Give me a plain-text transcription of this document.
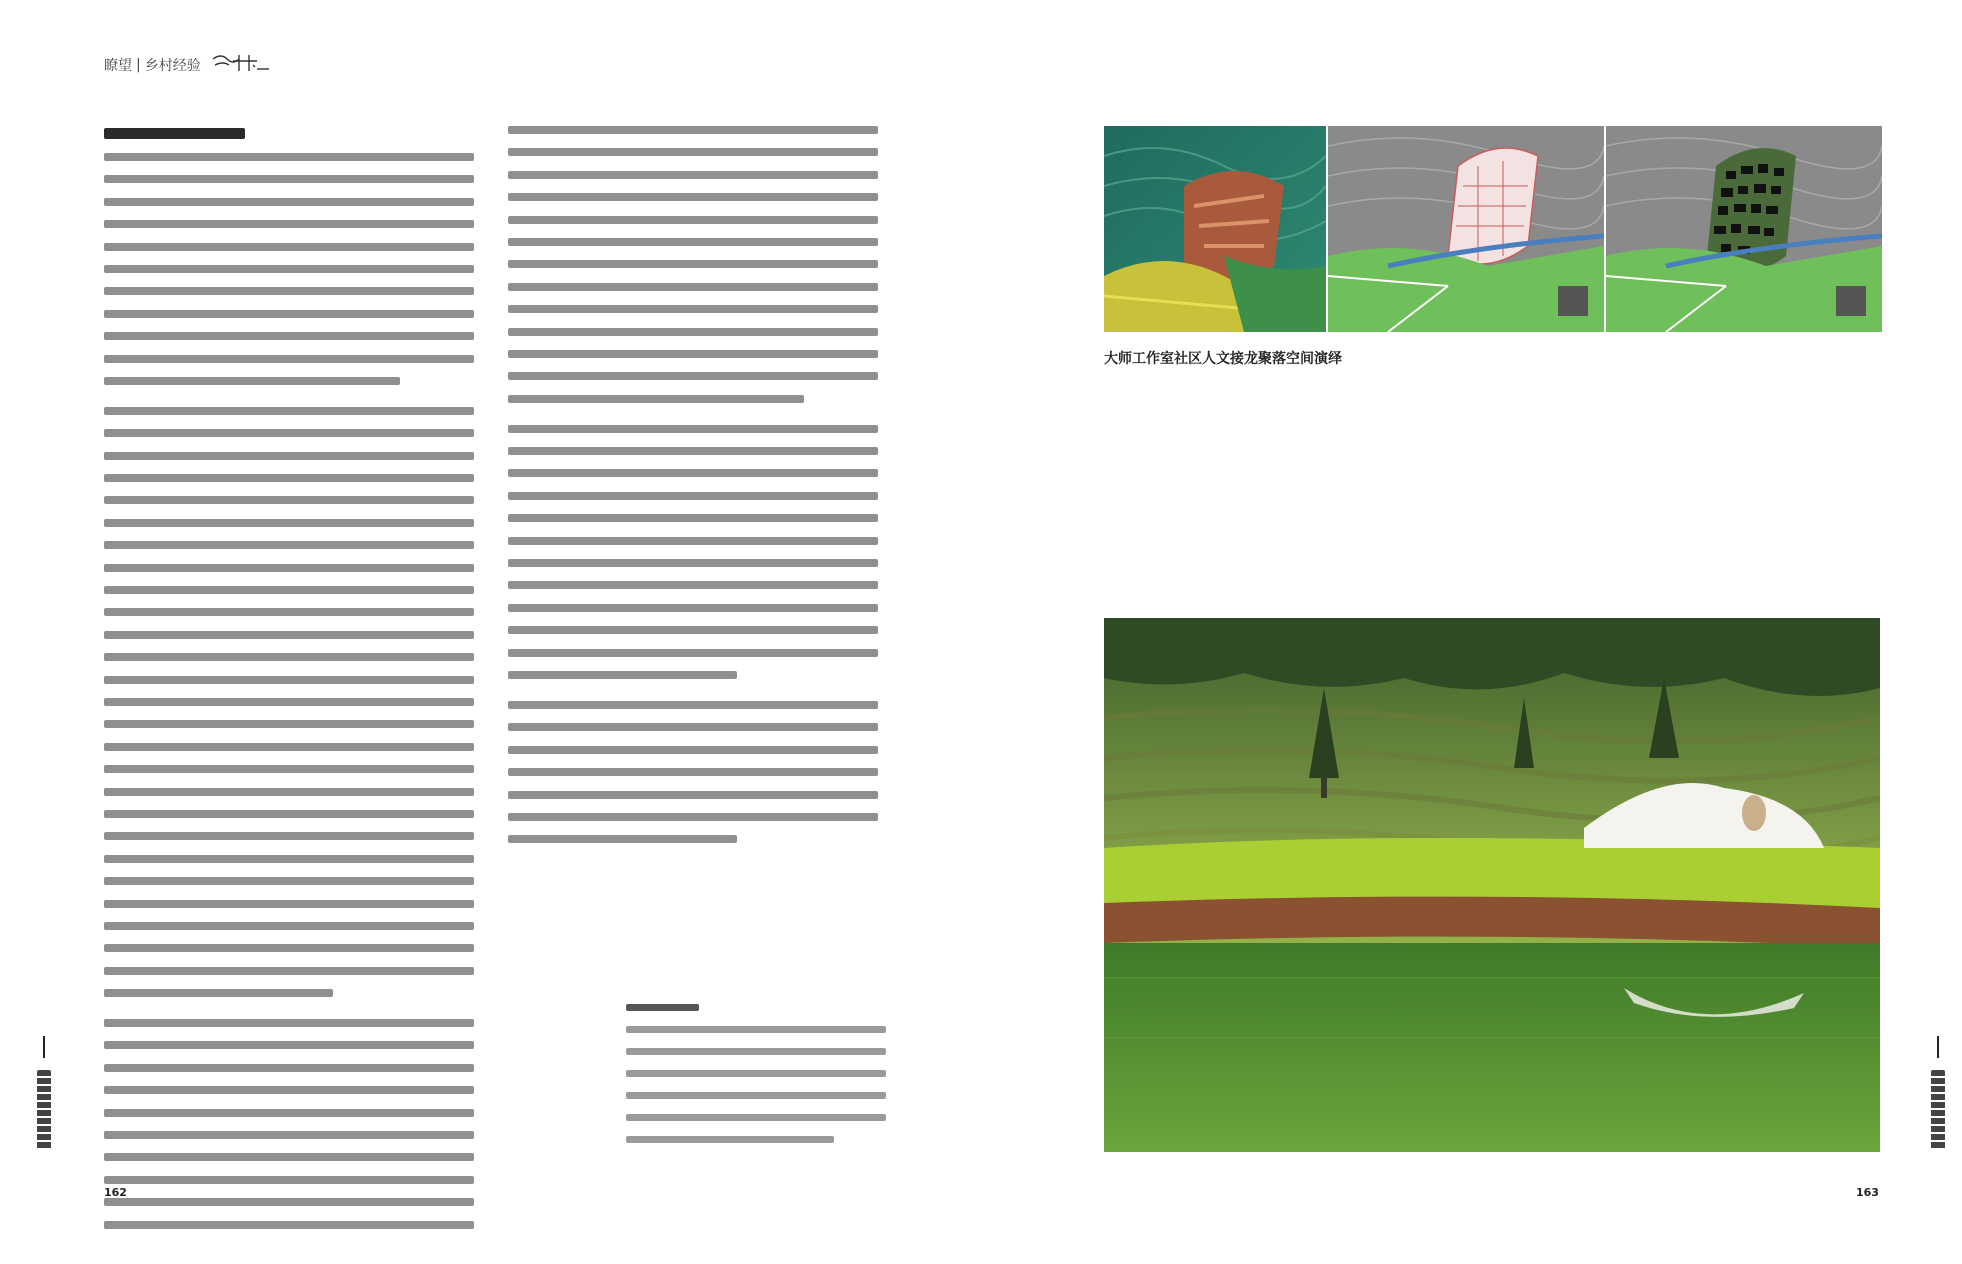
瞭望 | 乡村经验
162
大师工作室社区人文接龙聚落空间演绎
163
